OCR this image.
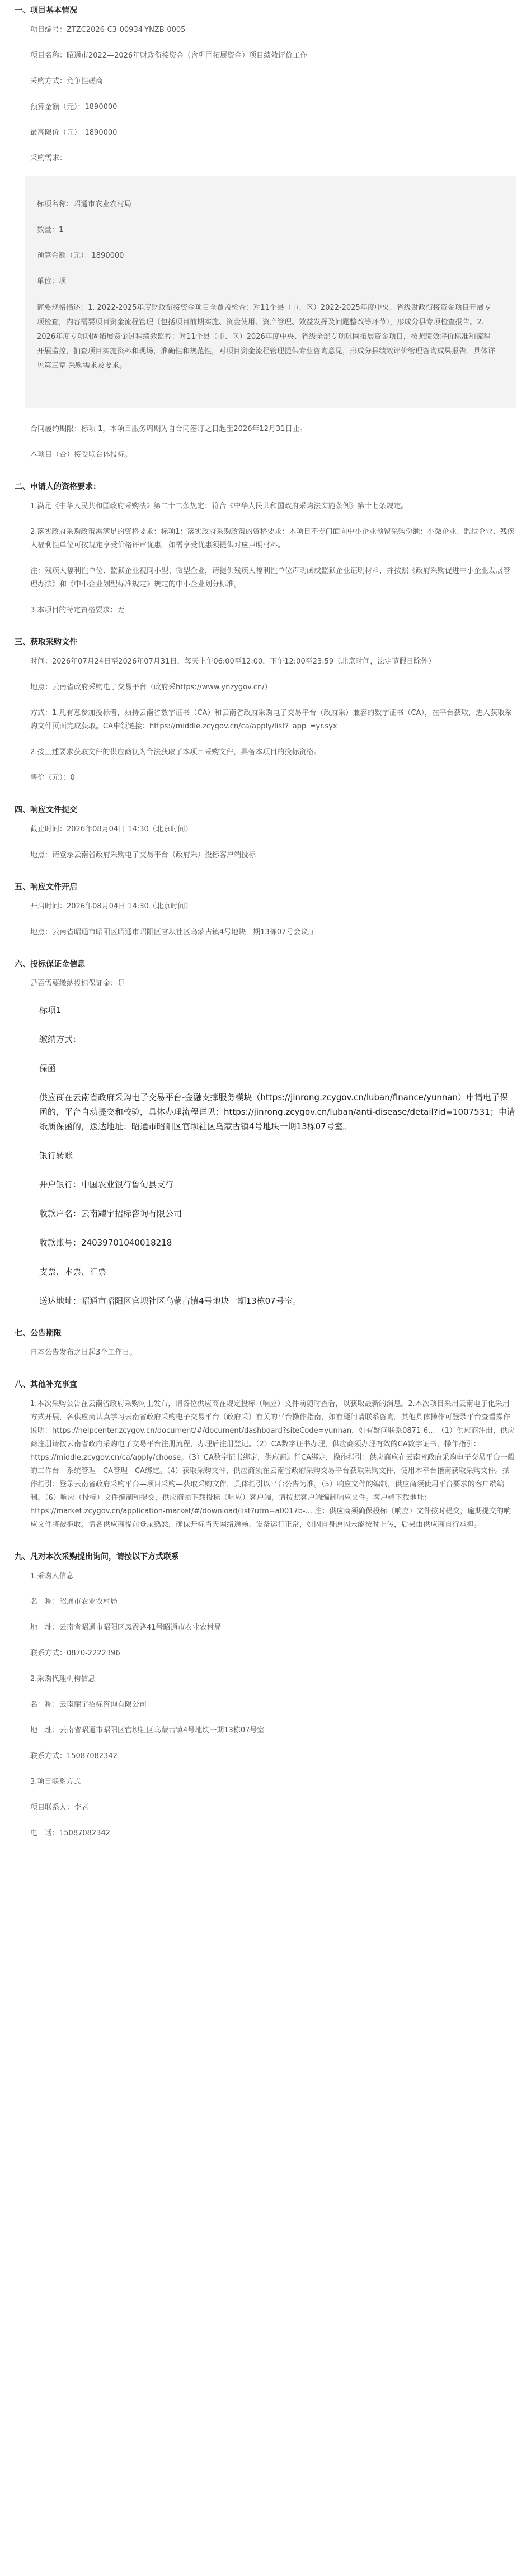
一、项目基本情况
项目编号：ZTZC2026-C3-00934-YNZB-0005
项目名称：昭通市2022—2026年财政衔接资金（含巩固拓展资金）项目绩效评价工作
采购方式：竞争性磋商
预算金额（元）：1890000
最高限价（元）：1890000
采购需求：
标项名称：昭通市农业农村局
数量：1
预算金额（元）：1890000
单位：项
简要规格描述：1. 2022-2025年度财政衔接资金项目全覆盖检查：对11个县（市、区）2022-2025年度中央、省级财政衔接资金项目开展专项检查，内容需要项目资金流程管理（包括项目前期实施、资金使用、资产管理、效益发挥及问题整改等环节），形成分县专项检查报告。2. 2026年度专项巩固拓展资金过程绩效监控：对11个县（市、区）2026年度中央、省级全部专项巩固拓展资金项目，按照绩效评价标准和流程开展监控，抽查项目实施资料和现场，准确性和规范性，对项目资金流程管理提供专业咨询意见，形成分县绩效评价管理咨询成果报告。具体详见第三章 采购需求及要求。
合同履约期限：标项 1，本项目服务周期为自合同签订之日起至2026年12月31日止。
本项目（否）接受联合体投标。
二、申请人的资格要求：
1.满足《中华人民共和国政府采购法》第二十二条规定；符合《中华人民共和国政府采购法实施条例》第十七条规定。
2.落实政府采购政策需满足的资格要求：标项1：落实政府采购政策的资格要求：本项目不专门面向中小企业预留采购份额；小微企业、监狱企业、残疾人福利性单位可按规定享受价格评审优惠。如需享受优惠须提供对应声明材料。
注：残疾人福利性单位、监狱企业视同小型、微型企业，请提供残疾人福利性单位声明函或监狱企业证明材料，并按照《政府采购促进中小企业发展管理办法》和《中小企业划型标准规定》规定的中小企业划分标准。
3.本项目的特定资格要求：无
三、获取采购文件
时间：2026年07月24日至2026年07月31日，每天上午06:00至12:00，下午12:00至23:59（北京时间，法定节假日除外）
地点：云南省政府采购电子交易平台（政府采https://www.ynzygov.cn/）
方式：1.凡有意参加投标者，须持云南省数字证书（CA）和云南省政府采购电子交易平台（政府采）兼容的数字证书（CA），在平台获取，进入获取采购文件页面完成获取。CA申领链接：https://middle.zcygov.cn/ca/apply/list?_app_=yr.syx
2.按上述要求获取文件的供应商视为合法获取了本项目采购文件，具备本项目的投标资格。
售价（元）：0
四、响应文件提交
截止时间：2026年08月04日 14:30（北京时间）
地点：请登录云南省政府采购电子交易平台（政府采）投标客户端投标
五、响应文件开启
开启时间：2026年08月04日 14:30（北京时间）
地点：云南省昭通市昭阳区昭通市昭阳区官坝社区乌蒙古镇4号地块一期13栋07号会议厅
六、投标保证金信息
是否需要缴纳投标保证金：是
标项1
缴纳方式：
保函
供应商在云南省政府采购电子交易平台-金融支撑服务模块（https://jinrong.zcygov.cn/luban/finance/yunnan）申请电子保函的，平台自动提交和校验，具体办理流程详见：https://jinrong.zcygov.cn/luban/anti-disease/detail?id=1007531；申请纸质保函的，送达地址：昭通市昭阳区官坝社区乌蒙古镇4号地块一期13栋07号室。
银行转账
开户银行：中国农业银行鲁甸县支行
收款户名：云南耀宇招标咨询有限公司
收款账号：24039701040018218
支票、本票、汇票
送达地址：昭通市昭阳区官坝社区乌蒙古镇4号地块一期13栋07号室。
七、公告期限
自本公告发布之日起3个工作日。
八、其他补充事宜
1.本次采购公告在云南省政府采购网上发布，请各位供应商在规定投标（响应）文件前随时查看，以获取最新的消息。2.本次项目采用云南电子化采用方式开展，各供应商认真学习云南省政府采购电子交易平台（政府采）有关的平台操作指南，如有疑问请联系咨询。其他具体操作可登录平台查看操作说明：https://helpcenter.zcygov.cn/document/#/document/dashboard?siteCode=yunnan，如有疑问联系0871-6... （1）供应商注册，供应商注册请按云南省政府采购电子交易平台注册流程，办理后注册登记。（2）CA数字证书办理，供应商须办理有效的CA数字证书，操作指引：https://middle.zcygov.cn/ca/apply/choose。（3）CA数字证书绑定，供应商进行CA绑定，操作指引：供应商应在云南省政府采购电子交易平台一般的工作台—系统管理—CA管理—CA绑定。（4）获取采购文件，供应商须在云南省政府采购交易平台获取采购文件，使用本平台指南获取采购文件。操作指引：登录云南省政府采购平台—项目采购—获取采购文件，具体指引以平台公告为准。（5）响应文件的编制，供应商须使用平台要求的客户端编制。（6）响应（投标）文件编制和提交，供应商须下载投标（响应）客户端，请按照客户端编制响应文件。客户端下载地址：https://market.zcygov.cn/application-market/#/download/list?utm=a0017b-... 注：供应商须确保投标（响应）文件按时提交，逾期提交的响应文件将被拒收。请各供应商提前登录熟悉，确保开标当天网络通畅、设备运行正常，如因自身原因未能按时上传，后果由供应商自行承担。
九、凡对本次采购提出询问，请按以下方式联系
1.采购人信息
名　称：昭通市农业农村局
地　址：云南省昭通市昭阳区凤霞路41号昭通市农业农村局
联系方式：0870-2222396
2.采购代理机构信息
名　称：云南耀宇招标咨询有限公司
地　址：云南省昭通市昭阳区官坝社区乌蒙古镇4号地块一期13栋07号室
联系方式：15087082342
3.项目联系方式
项目联系人：李老
电　话：15087082342
